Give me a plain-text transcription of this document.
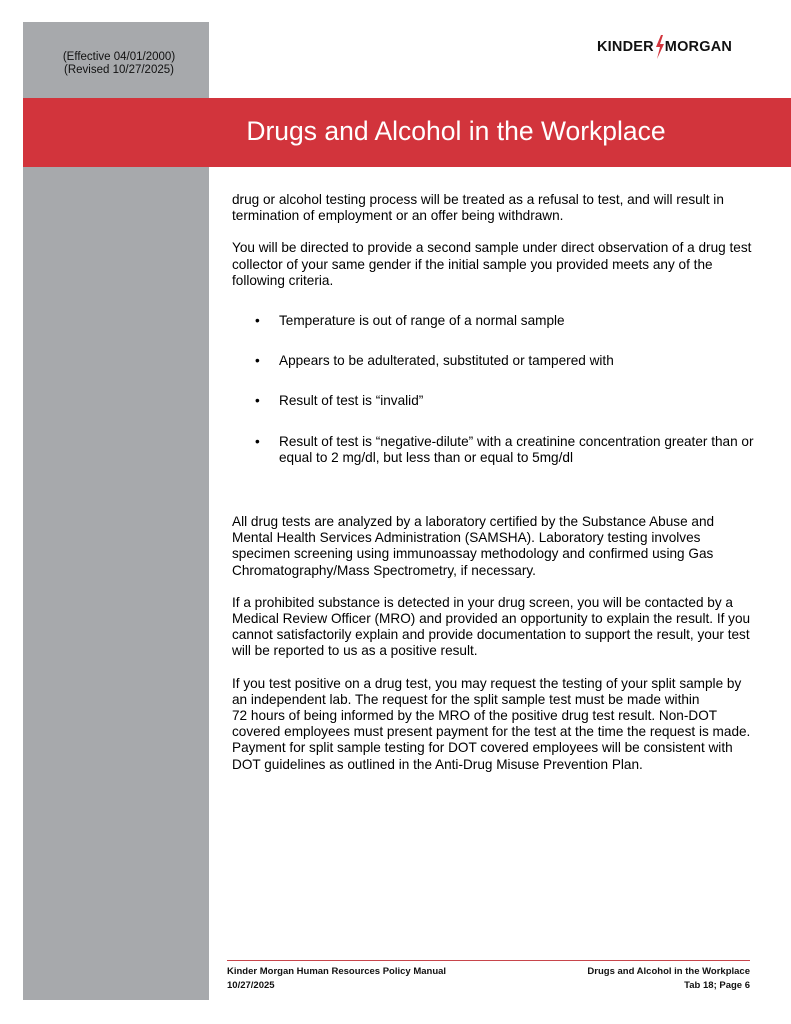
(Effective 04/01/2000)
(Revised 10/27/2025)
KINDER MORGAN
Drugs and Alcohol in the Workplace

drug or alcohol testing process will be treated as a refusal to test, and will result in termination of employment or an offer being withdrawn.

You will be directed to provide a second sample under direct observation of a drug test collector of your same gender if the initial sample you provided meets any of the following criteria.

• Temperature is out of range of a normal sample
• Appears to be adulterated, substituted or tampered with
• Result of test is “invalid”
• Result of test is “negative-dilute” with a creatinine concentration greater than or equal to 2 mg/dl, but less than or equal to 5mg/dl

All drug tests are analyzed by a laboratory certified by the Substance Abuse and Mental Health Services Administration (SAMSHA). Laboratory testing involves specimen screening using immunoassay methodology and confirmed using Gas Chromatography/Mass Spectrometry, if necessary.

If a prohibited substance is detected in your drug screen, you will be contacted by a Medical Review Officer (MRO) and provided an opportunity to explain the result. If you cannot satisfactorily explain and provide documentation to support the result, your test will be reported to us as a positive result.

If you test positive on a drug test, you may request the testing of your split sample by an independent lab. The request for the split sample test must be made within
72 hours of being informed by the MRO of the positive drug test result. Non-DOT covered employees must present payment for the test at the time the request is made. Payment for split sample testing for DOT covered employees will be consistent with DOT guidelines as outlined in the Anti-Drug Misuse Prevention Plan.

Kinder Morgan Human Resources Policy Manual	Drugs and Alcohol in the Workplace
10/27/2025	Tab 18; Page 6
